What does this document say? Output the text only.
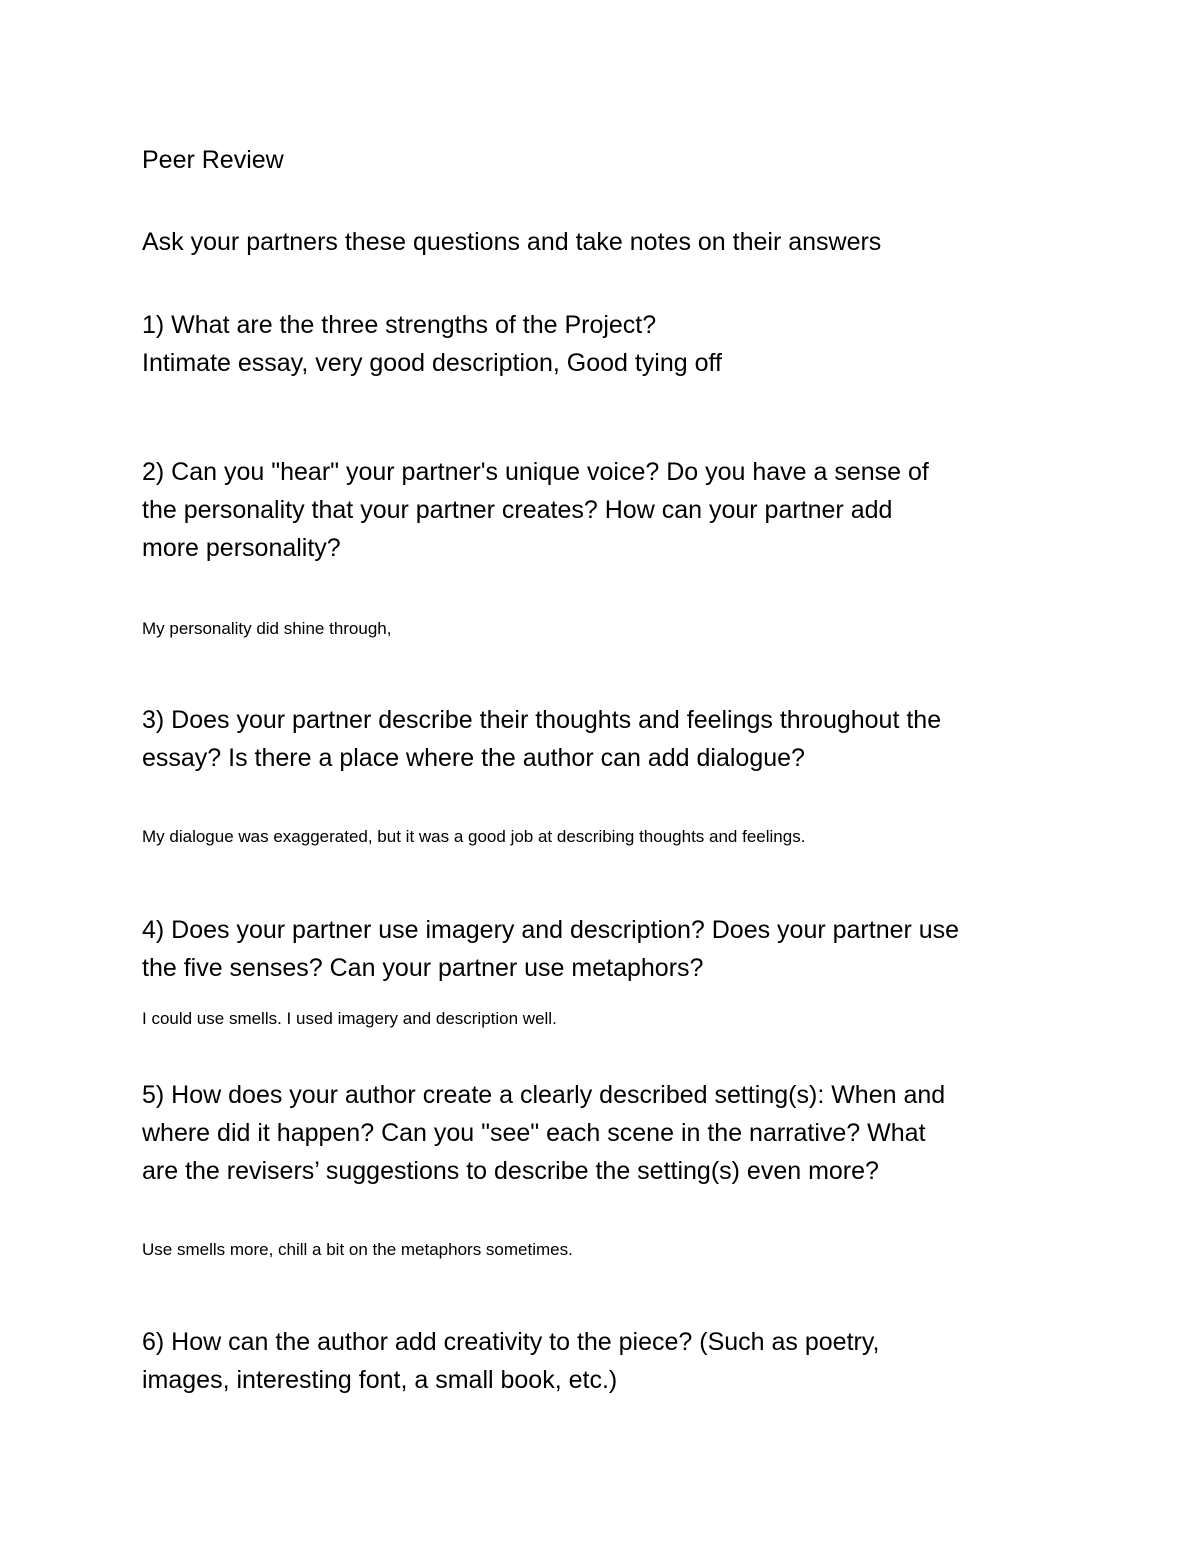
Peer Review

Ask your partners these questions and take notes on their answers

1) What are the three strengths of the Project?
Intimate essay, very good description, Good tying off
2) Can you "hear" your partner's unique voice? Do you have a sense of
the personality that your partner creates? How can your partner add
more personality?

My personality did shine through,

3) Does your partner describe their thoughts and feelings throughout the
essay? Is there a place where the author can add dialogue?

My dialogue was exaggerated, but it was a good job at describing thoughts and feelings.

4) Does your partner use imagery and description? Does your partner use
the five senses? Can your partner use metaphors?

I could use smells. I used imagery and description well.

5) How does your author create a clearly described setting(s): When and
where did it happen? Can you "see" each scene in the narrative? What
are the revisers’ suggestions to describe the setting(s) even more?

Use smells more, chill a bit on the metaphors sometimes.

6) How can the author add creativity to the piece? (Such as poetry,
images, interesting font, a small book, etc.)
